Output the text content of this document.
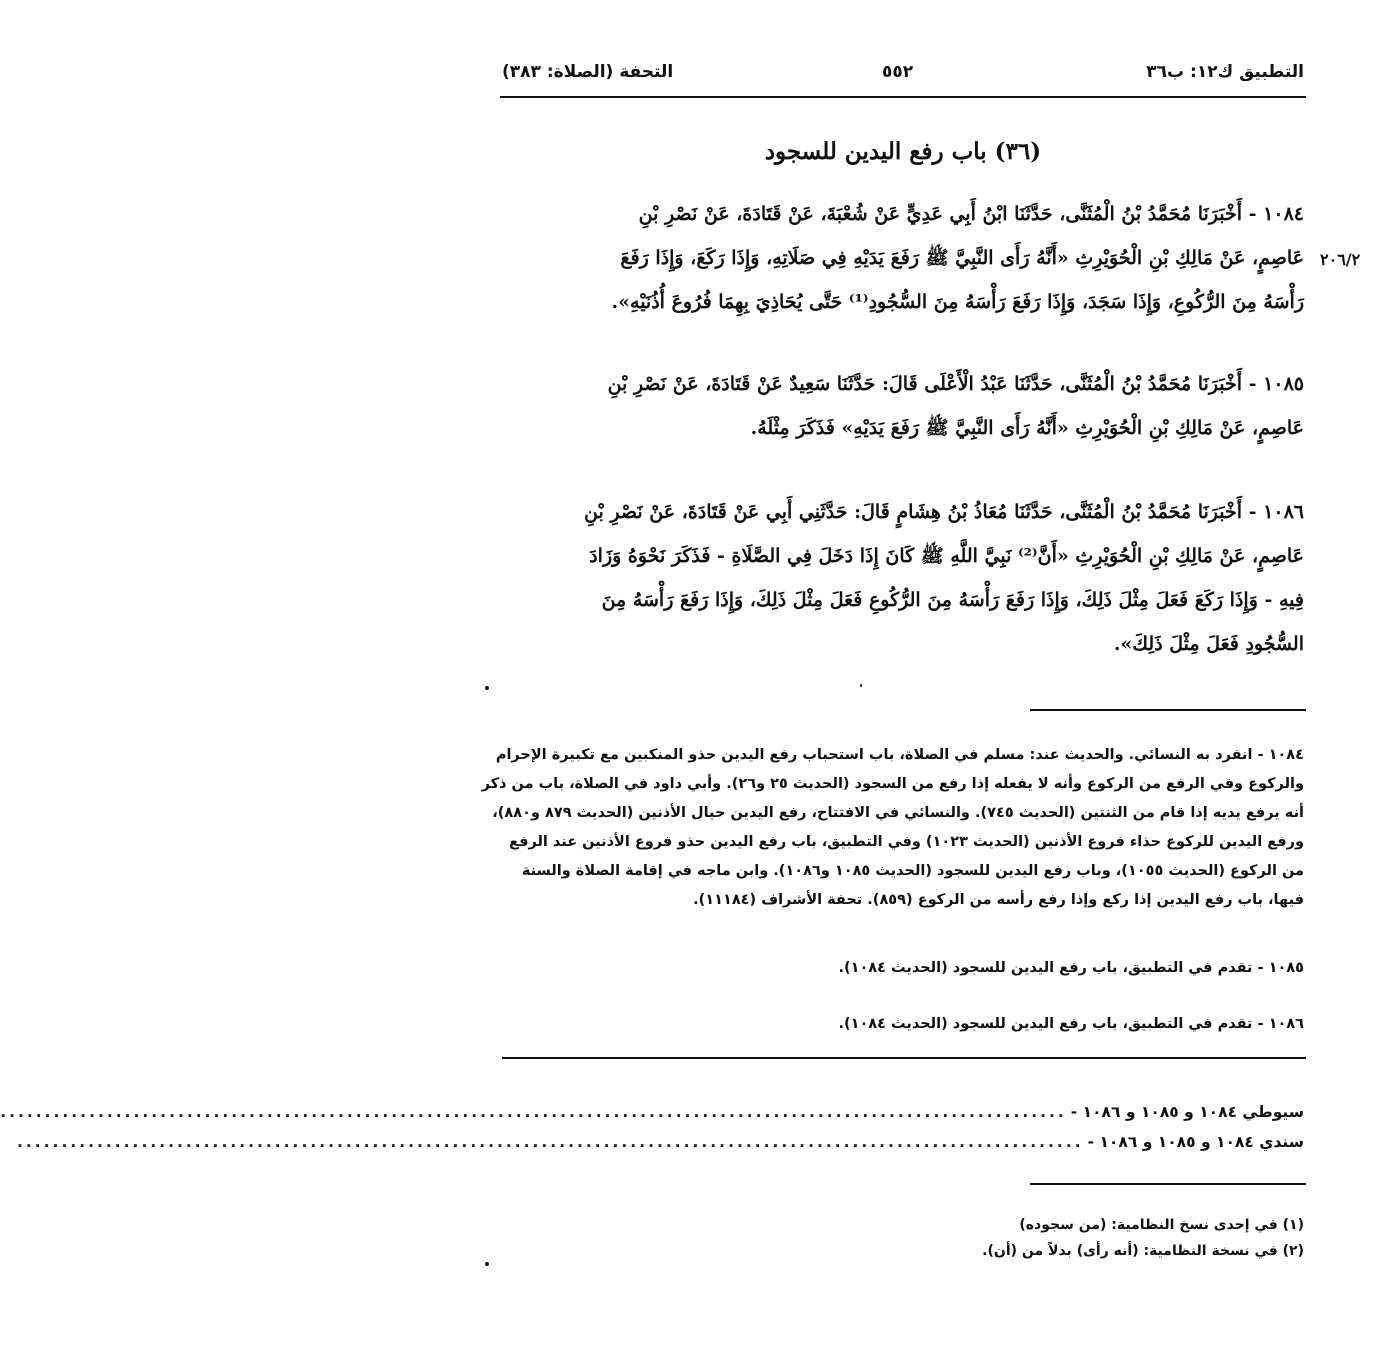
التطبيق ك١٢: ب٣٦
٥٥٢
التحفة (الصلاة: ٣٨٣)
(٣٦) باب رفع اليدين للسجود
٢٠٦/٢
١٠٨٤ - أَخْبَرَنَا مُحَمَّدُ بْنُ الْمُثَنَّى، حَدَّثَنَا ابْنُ أَبِي عَدِيٍّ عَنْ شُعْبَةَ، عَنْ قَتَادَةَ، عَنْ نَصْرِ بْنِ
عَاصِمٍ، عَنْ مَالِكِ بْنِ الْحُوَيْرِثِ «أَنَّهُ رَأَى النَّبِيَّ ﷺ رَفَعَ يَدَيْهِ فِي صَلَاتِهِ، وَإِذَا رَكَعَ، وَإِذَا رَفَعَ
رَأْسَهُ مِنَ الرُّكُوعِ، وَإِذَا سَجَدَ، وَإِذَا رَفَعَ رَأْسَهُ مِنَ السُّجُودِ⁽¹⁾ حَتَّى يُحَاذِيَ بِهِمَا فُرُوعَ أُذُنَيْهِ».
١٠٨٥ - أَخْبَرَنَا مُحَمَّدُ بْنُ الْمُثَنَّى، حَدَّثَنَا عَبْدُ الْأَعْلَى قَالَ: حَدَّثَنَا سَعِيدٌ عَنْ قَتَادَةَ، عَنْ نَصْرِ بْنِ
عَاصِمٍ، عَنْ مَالِكِ بْنِ الْحُوَيْرِثِ «أَنَّهُ رَأَى النَّبِيَّ ﷺ رَفَعَ يَدَيْهِ» فَذَكَرَ مِثْلَهُ.
١٠٨٦ - أَخْبَرَنَا مُحَمَّدُ بْنُ الْمُثَنَّى، حَدَّثَنَا مُعَاذُ بْنُ هِشَامٍ قَالَ: حَدَّثَنِي أَبِي عَنْ قَتَادَةَ، عَنْ نَصْرِ بْنِ
عَاصِمٍ، عَنْ مَالِكِ بْنِ الْحُوَيْرِثِ «أَنَّ⁽²⁾ نَبِيَّ اللَّهِ ﷺ كَانَ إِذَا دَخَلَ فِي الصَّلَاةِ - فَذَكَرَ نَحْوَهُ وَزَادَ
فِيهِ - وَإِذَا رَكَعَ فَعَلَ مِثْلَ ذَلِكَ، وَإِذَا رَفَعَ رَأْسَهُ مِنَ الرُّكُوعِ فَعَلَ مِثْلَ ذَلِكَ، وَإِذَا رَفَعَ رَأْسَهُ مِنَ
السُّجُودِ فَعَلَ مِثْلَ ذَلِكَ».
١٠٨٤ - انفرد به النسائي. والحديث عند: مسلم في الصلاة، باب استحباب رفع اليدين حذو المنكبين مع تكبيرة الإحرام
والركوع وفي الرفع من الركوع وأنه لا يفعله إذا رفع من السجود (الحديث ٢٥ و٢٦). وأبي داود في الصلاة، باب من ذكر
أنه يرفع يديه إذا قام من الثنتين (الحديث ٧٤٥). والنسائي في الافتتاح، رفع اليدين حيال الأذنين (الحديث ٨٧٩ و٨٨٠)،
ورفع اليدين للركوع حذاء فروع الأذنين (الحديث ١٠٢٣) وفي التطبيق، باب رفع اليدين حذو فروع الأذنين عند الرفع
من الركوع (الحديث ١٠٥٥)، وباب رفع اليدين للسجود (الحديث ١٠٨٥ و١٠٨٦). وابن ماجه في إقامة الصلاة والسنة
فيها، باب رفع اليدين إذا ركع وإذا رفع رأسه من الركوع (٨٥٩). تحفة الأشراف (١١١٨٤).
١٠٨٥ - تقدم في التطبيق، باب رفع اليدين للسجود (الحديث ١٠٨٤).
١٠٨٦ - تقدم في التطبيق، باب رفع اليدين للسجود (الحديث ١٠٨٤).
سيوطي ١٠٨٤ و ١٠٨٥ و ١٠٨٦ -
........................................................................................................................
سندي ١٠٨٤ و ١٠٨٥ و ١٠٨٦ -
........................................................................................................................
(١) في إحدى نسخ النظامية: (من سجوده)
(٢) في نسخة النظامية: (أنه رأى) بدلاً من (أن).
